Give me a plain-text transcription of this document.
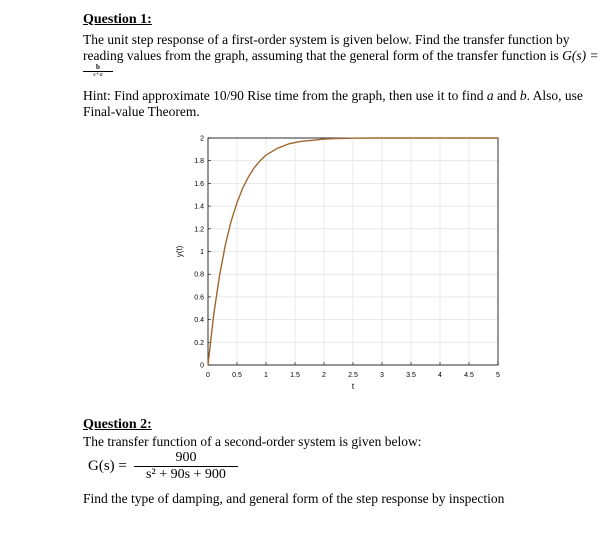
Question 1:
The unit step response of a first-order system is given below. Find the transfer function by
reading values from the graph, assuming that the general form of the transfer function is G(s) =
b
s+a
Hint: Find approximate 10/90 Rise time from the graph, then use it to find a and b. Also, use
Final-value Theorem.
0	0.5	1	1.5	2	2.5	3	3.5	4	4.5	5
0
0.2
0.4
0.6
0.8
1
1.2
1.4
1.6
1.8
2
t
y(t)
Question 2:
The transfer function of a second-order system is given below:
G(s) =
900
s² + 90s + 900
Find the type of damping, and general form of the step response by inspection
